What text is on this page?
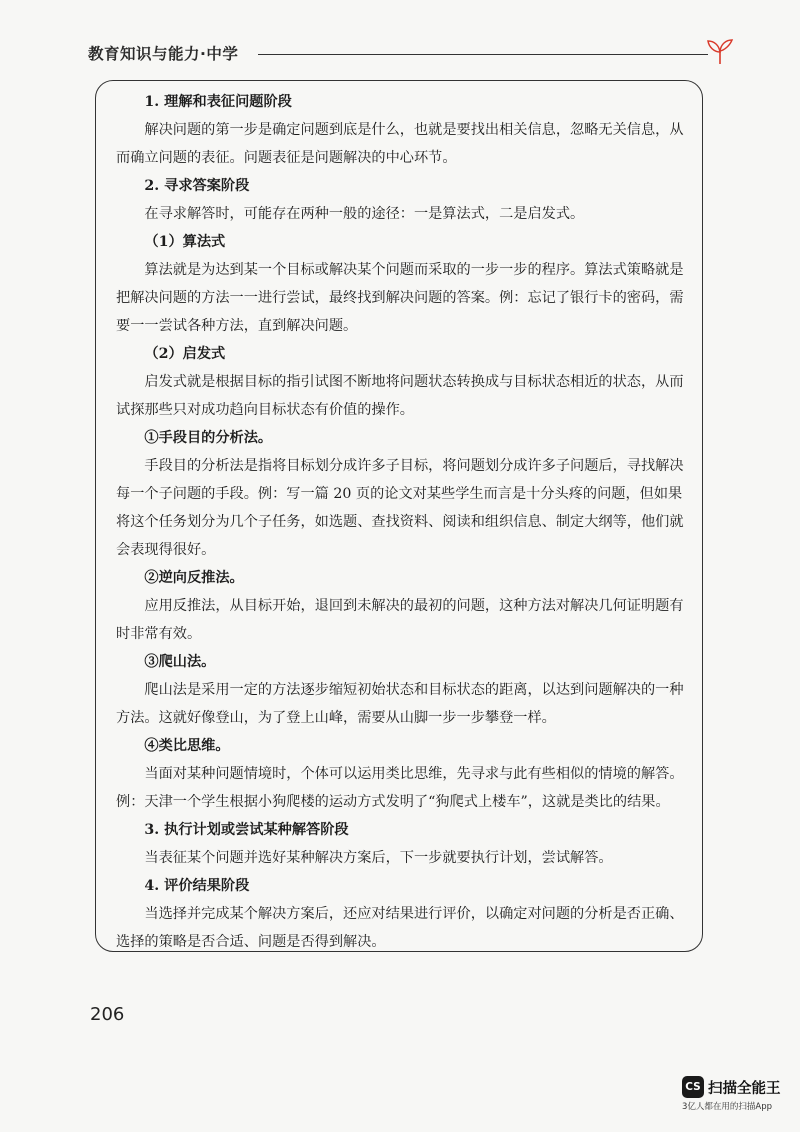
教育知识与能力·中学

1. 理解和表征问题阶段

解决问题的第一步是确定问题到底是什么，也就是要找出相关信息，忽略无关信息，从而确立问题的表征。问题表征是问题解决的中心环节。

2. 寻求答案阶段

在寻求解答时，可能存在两种一般的途径：一是算法式，二是启发式。

（1）算法式

算法就是为达到某一个目标或解决某个问题而采取的一步一步的程序。算法式策略就是把解决问题的方法一一进行尝试，最终找到解决问题的答案。例：忘记了银行卡的密码，需要一一尝试各种方法，直到解决问题。

（2）启发式

启发式就是根据目标的指引试图不断地将问题状态转换成与目标状态相近的状态，从而试探那些只对成功趋向目标状态有价值的操作。

①手段目的分析法。

手段目的分析法是指将目标划分成许多子目标，将问题划分成许多子问题后，寻找解决每一个子问题的手段。例：写一篇 20 页的论文对某些学生而言是十分头疼的问题，但如果将这个任务划分为几个子任务，如选题、查找资料、阅读和组织信息、制定大纲等，他们就会表现得很好。

②逆向反推法。

应用反推法，从目标开始，退回到未解决的最初的问题，这种方法对解决几何证明题有时非常有效。

③爬山法。

爬山法是采用一定的方法逐步缩短初始状态和目标状态的距离，以达到问题解决的一种方法。这就好像登山，为了登上山峰，需要从山脚一步一步攀登一样。

④类比思维。

当面对某种问题情境时，个体可以运用类比思维，先寻求与此有些相似的情境的解答。例：天津一个学生根据小狗爬楼的运动方式发明了“狗爬式上楼车”，这就是类比的结果。

3. 执行计划或尝试某种解答阶段

当表征某个问题并选好某种解决方案后，下一步就要执行计划，尝试解答。

4. 评价结果阶段

当选择并完成某个解决方案后，还应对结果进行评价，以确定对问题的分析是否正确、选择的策略是否合适、问题是否得到解决。

206
CS 扫描全能王
3亿人都在用的扫描App
